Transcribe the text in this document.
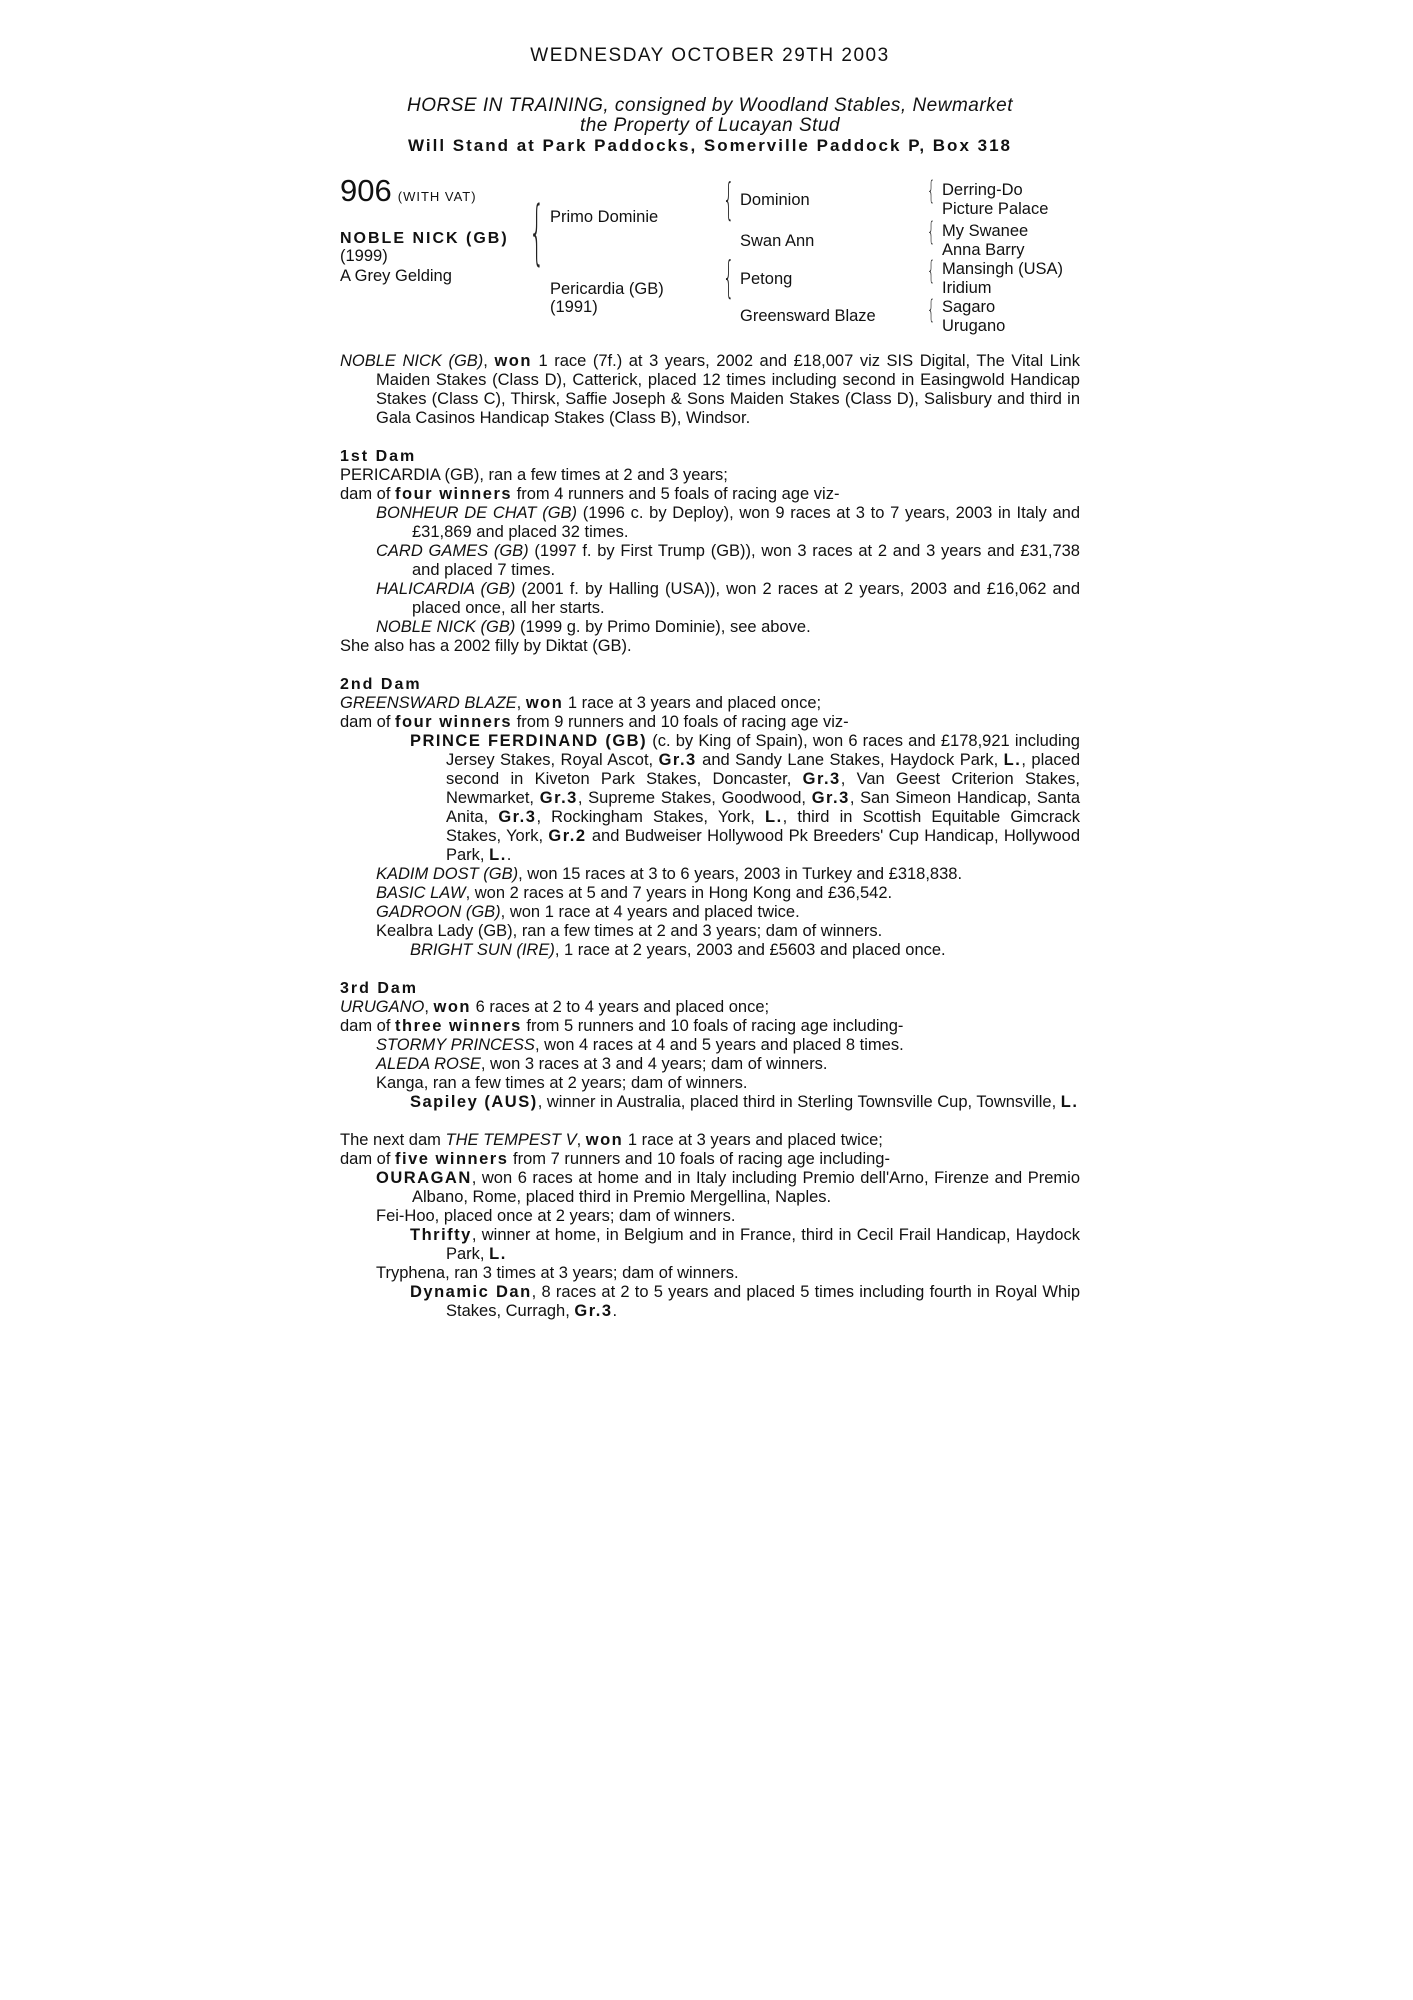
WEDNESDAY OCTOBER 29TH 2003
HORSE IN TRAINING, consigned by Woodland Stables, Newmarket
the Property of Lucayan Stud
Will Stand at Park Paddocks, Somerville Paddock P, Box 318
906 (WITH VAT)
NOBLE NICK (GB)
(1999)
A Grey Gelding
{ Primo Dominie
Pericardia (GB)
(1991)
{ Dominion
Swan Ann
{ Petong
Greensward Blaze
{ Derring-Do
Picture Palace
{ My Swanee
Anna Barry
{ Mansingh (USA)
Iridium
{ Sagaro
Urugano

NOBLE NICK (GB), won 1 race (7f.) at 3 years, 2002 and £18,007 viz SIS Digital, The Vital Link Maiden Stakes (Class D), Catterick, placed 12 times including second in Easingwold Handicap Stakes (Class C), Thirsk, Saffie Joseph & Sons Maiden Stakes (Class D), Salisbury and third in Gala Casinos Handicap Stakes (Class B), Windsor.

1st Dam

PERICARDIA (GB), ran a few times at 2 and 3 years;

dam of four winners from 4 runners and 5 foals of racing age viz-

BONHEUR DE CHAT (GB) (1996 c. by Deploy), won 9 races at 3 to 7 years, 2003 in Italy and £31,869 and placed 32 times.

CARD GAMES (GB) (1997 f. by First Trump (GB)), won 3 races at 2 and 3 years and £31,738 and placed 7 times.

HALICARDIA (GB) (2001 f. by Halling (USA)), won 2 races at 2 years, 2003 and £16,062 and placed once, all her starts.

NOBLE NICK (GB) (1999 g. by Primo Dominie), see above.

She also has a 2002 filly by Diktat (GB).

2nd Dam

GREENSWARD BLAZE, won 1 race at 3 years and placed once;

dam of four winners from 9 runners and 10 foals of racing age viz-

PRINCE FERDINAND (GB) (c. by King of Spain), won 6 races and £178,921 including Jersey Stakes, Royal Ascot, Gr.3 and Sandy Lane Stakes, Haydock Park, L., placed second in Kiveton Park Stakes, Doncaster, Gr.3, Van Geest Criterion Stakes, Newmarket, Gr.3, Supreme Stakes, Goodwood, Gr.3, San Simeon Handicap, Santa Anita, Gr.3, Rockingham Stakes, York, L., third in Scottish Equitable Gimcrack Stakes, York, Gr.2 and Budweiser Hollywood Pk Breeders' Cup Handicap, Hollywood Park, L..

KADIM DOST (GB), won 15 races at 3 to 6 years, 2003 in Turkey and £318,838.

BASIC LAW, won 2 races at 5 and 7 years in Hong Kong and £36,542.

GADROON (GB), won 1 race at 4 years and placed twice.

Kealbra Lady (GB), ran a few times at 2 and 3 years; dam of winners.

BRIGHT SUN (IRE), 1 race at 2 years, 2003 and £5603 and placed once.

3rd Dam

URUGANO, won 6 races at 2 to 4 years and placed once;

dam of three winners from 5 runners and 10 foals of racing age including-

STORMY PRINCESS, won 4 races at 4 and 5 years and placed 8 times.

ALEDA ROSE, won 3 races at 3 and 4 years; dam of winners.

Kanga, ran a few times at 2 years; dam of winners.

Sapiley (AUS), winner in Australia, placed third in Sterling Townsville Cup, Townsville, L.

The next dam THE TEMPEST V, won 1 race at 3 years and placed twice;

dam of five winners from 7 runners and 10 foals of racing age including-

OURAGAN, won 6 races at home and in Italy including Premio dell'Arno, Firenze and Premio Albano, Rome, placed third in Premio Mergellina, Naples.

Fei-Hoo, placed once at 2 years; dam of winners.

Thrifty, winner at home, in Belgium and in France, third in Cecil Frail Handicap, Haydock Park, L.

Tryphena, ran 3 times at 3 years; dam of winners.

Dynamic Dan, 8 races at 2 to 5 years and placed 5 times including fourth in Royal Whip Stakes, Curragh, Gr.3.
